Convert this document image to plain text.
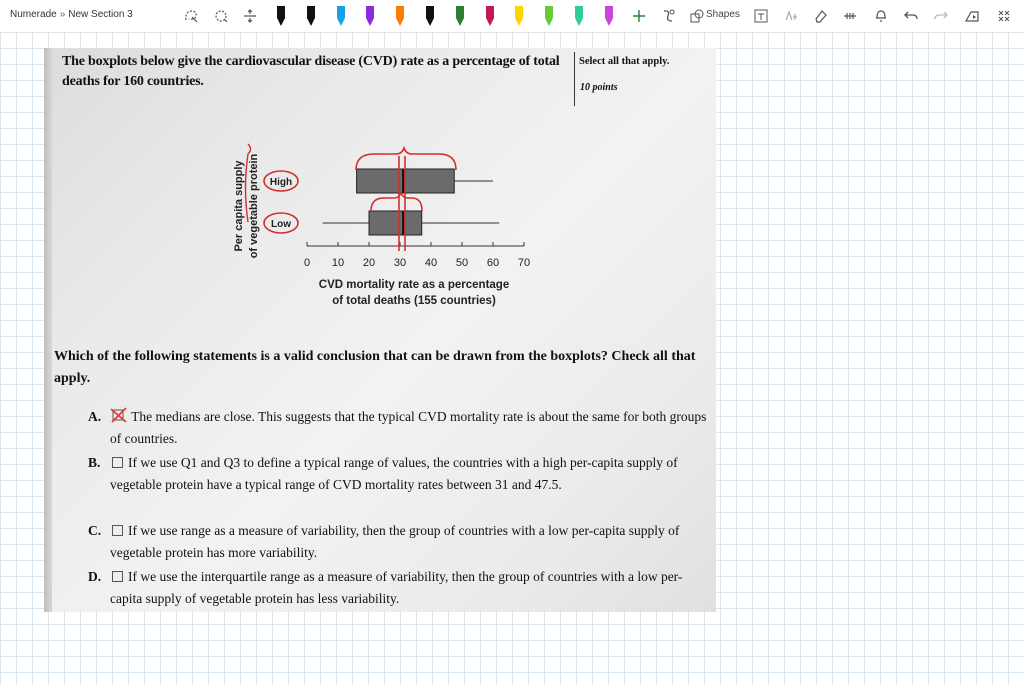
Numerade » New Section 3	Shapes
The boxplots below give the cardiovascular disease (CVD) rate as a percentage of total deaths for 160 countries.
Select all that apply.
10 points
High
Low
0 10 20 30 40 50 60 70
CVD mortality rate as a percentage
of total deaths (155 countries)
Per capita supply of vegetable protein
Which of the following statements is a valid conclusion that can be drawn from the boxplots? Check all that apply.
A.	The medians are close. This suggests that the typical CVD mortality rate is about the same for both groups of countries.
B.	If we use Q1 and Q3 to define a typical range of values, the countries with a high per-capita supply of vegetable protein have a typical range of CVD mortality rates between 31 and 47.5.
C.	If we use range as a measure of variability, then the group of countries with a low per-capita supply of vegetable protein has more variability.
D.	If we use the interquartile range as a measure of variability, then the group of countries with a low per-capita supply of vegetable protein has less variability.
